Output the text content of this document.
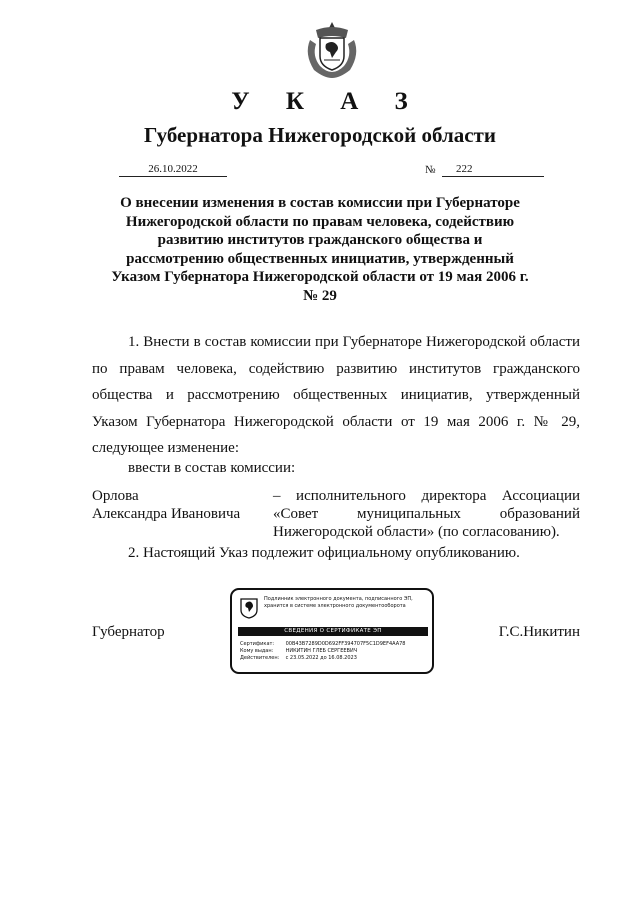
У К А З
Губернатора Нижегородской области
26.10.2022	№	222
О внесении изменения в состав комиссии при Губернаторе Нижегородской области по правам человека, содействию развитию институтов гражданского общества и рассмотрению общественных инициатив, утвержденный Указом Губернатора Нижегородской области от 19 мая 2006 г. № 29
1. Внести в состав комиссии при Губернаторе Нижегородской области по правам человека, содействию развитию институтов гражданского общества и рассмотрению общественных инициатив, утвержденный Указом Губернатора Нижегородской области от 19 мая 2006 г. № 29, следующее изменение:
ввести в состав комиссии:
Орлова
Александра Ивановича
– исполнительного директора Ассоциации «Совет муниципальных образований Нижегородской области» (по согласованию).
2. Настоящий Указ подлежит официальному опубликованию.
Губернатор	Г.С.Никитин
Подлинник электронного документа, подписанного ЭП,
хранится в системе электронного документооборота
СВЕДЕНИЯ О СЕРТИФИКАТЕ ЭП
Сертификат: 00B43B7289D0D692FF394707F5C1D9EF4AA78
Кому выдан: НИКИТИН ГЛЕБ СЕРГЕЕВИЧ
Действителен: с 23.05.2022 до 16.08.2023
